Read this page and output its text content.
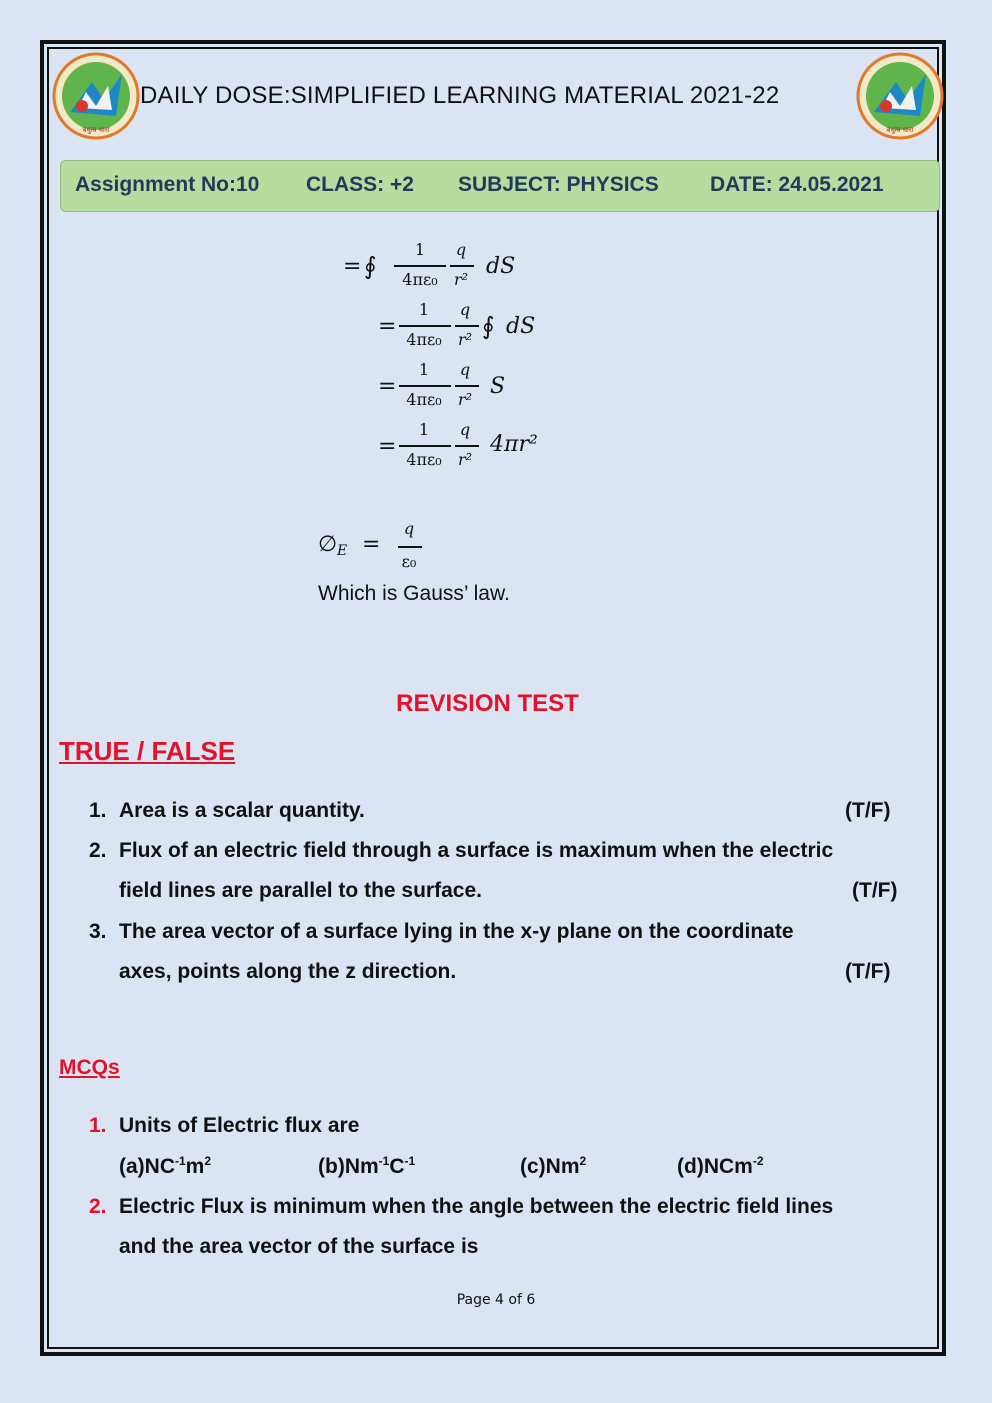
बंधुत्व धारा	बंधुत्व धारा
DAILY DOSE:SIMPLIFIED LEARNING MATERIAL 2021-22
Assignment No:10 CLASS: +2 SUBJECT: PHYSICS DATE: 24.05.2021
= ∮
1
4πε₀
q
r²
dS
=
1
4πε₀
q
r² ∮ dS
=
1
4πε₀
q
r²
S
=
1
4πε₀
q
r²
4πr²
∅ E =
q
ε₀
Which is Gauss’ law.
REVISION TEST
TRUE / FALSE
1. Area is a scalar quantity.	(T/F)
2. Flux of an electric field through a surface is maximum when the electric
field lines are parallel to the surface.	(T/F)
3. The area vector of a surface lying in the x-y plane on the coordinate
axes, points along the z direction.	(T/F)
MCQs
1. Units of Electric flux are
$(a)NC^{-1}m^2$	$(b)Nm^{-1}C^{-1}$	(c)Nm$^2$	(d)NCm$^{-2}$
2. Electric Flux is minimum when the angle between the electric field lines
and the area vector of the surface is
Page 4 of 6
